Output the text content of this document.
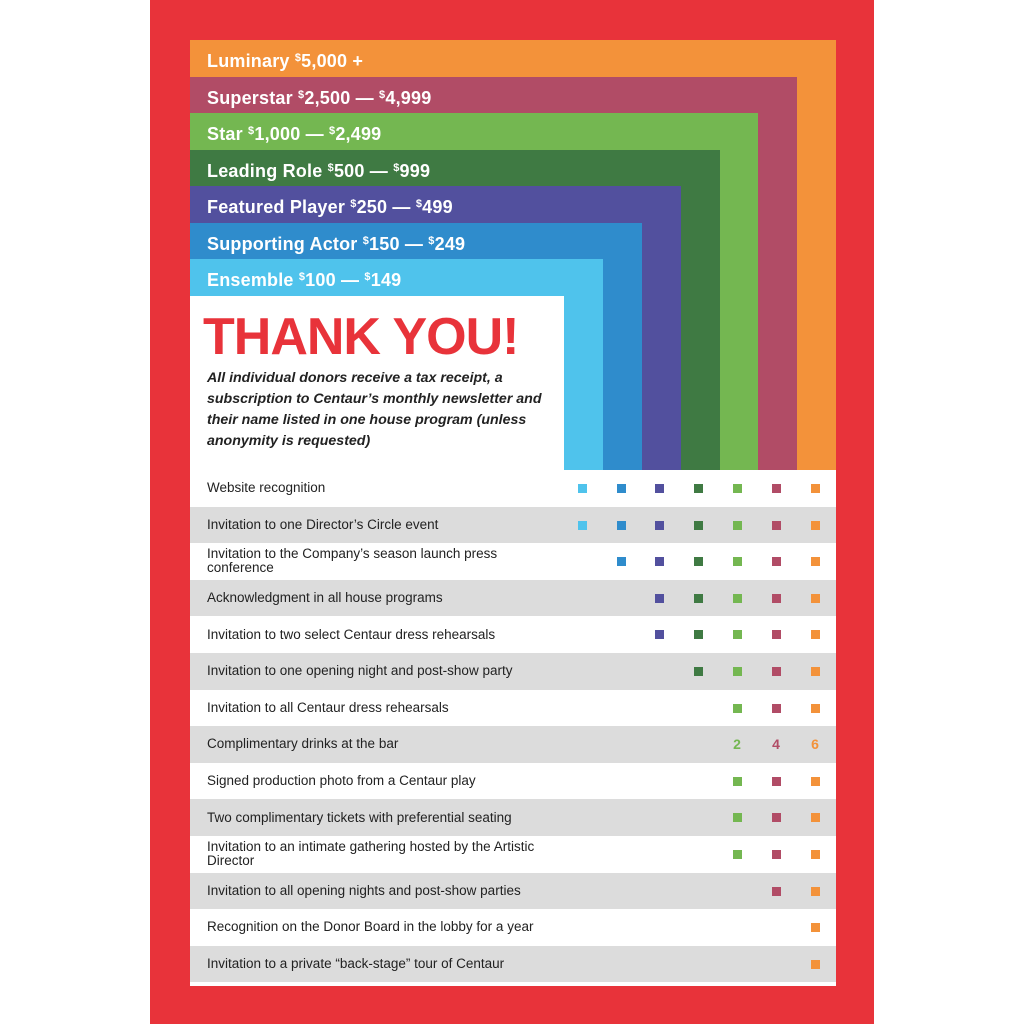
Luminary $5,000 +
Superstar $2,500 — $4,999
Star $1,000 — $2,499
Leading Role $500 — $999
Featured Player $250 — $499
Supporting Actor $150 — $249
Ensemble $100 — $149
THANK YOU!

All individual donors receive a tax receipt, a subscription to Centaur’s monthly newsletter and their name listed in one house program (unless anonymity is requested)

Website recognition
Invitation to one Director’s Circle event
Invitation to the Company’s season launch press conference
Acknowledgment in all house programs
Invitation to two select Centaur dress rehearsals
Invitation to one opening night and post-show party
Invitation to all Centaur dress rehearsals
Complimentary drinks at the bar	2 4 6
Signed production photo from a Centaur play
Two complimentary tickets with preferential seating
Invitation to an intimate gathering hosted by the Artistic Director
Invitation to all opening nights and post-show parties
Recognition on the Donor Board in the lobby for a year
Invitation to a private “back-stage” tour of Centaur
